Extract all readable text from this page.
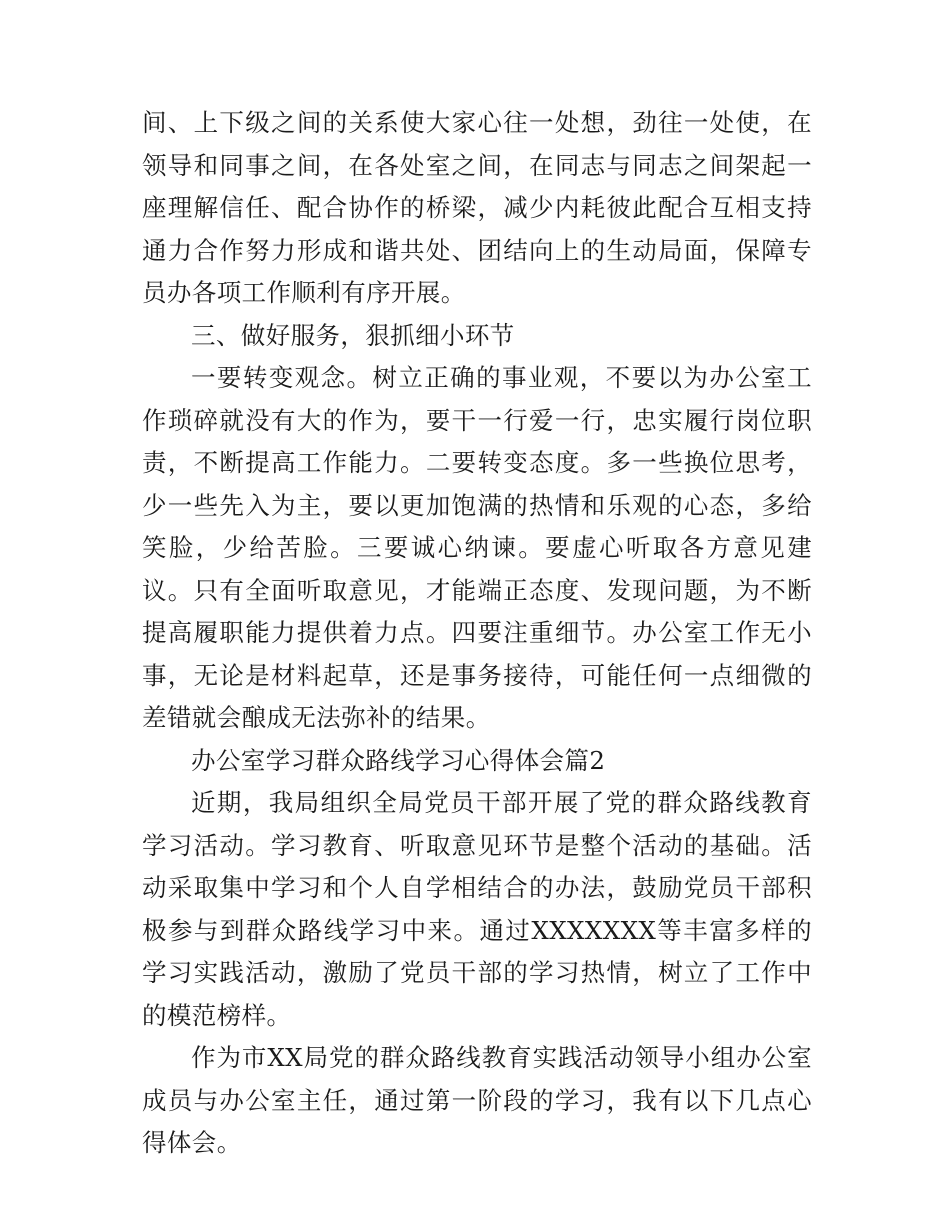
间、上下级之间的关系使大家心往一处想，劲往一处使，在领导和同事之间，在各处室之间，在同志与同志之间架起一座理解信任、配合协作的桥梁，减少内耗彼此配合互相支持通力合作努力形成和谐共处、团结向上的生动局面，保障专员办各项工作顺利有序开展。

三、做好服务，狠抓细小环节

一要转变观念。树立正确的事业观，不要以为办公室工作琐碎就没有大的作为，要干一行爱一行，忠实履行岗位职责，不断提高工作能力。二要转变态度。多一些换位思考，少一些先入为主，要以更加饱满的热情和乐观的心态，多给笑脸，少给苦脸。三要诚心纳谏。要虚心听取各方意见建议。只有全面听取意见，才能端正态度、发现问题，为不断提高履职能力提供着力点。四要注重细节。办公室工作无小事，无论是材料起草，还是事务接待，可能任何一点细微的差错就会酿成无法弥补的结果。

办公室学习群众路线学习心得体会篇2

近期，我局组织全局党员干部开展了党的群众路线教育学习活动。学习教育、听取意见环节是整个活动的基础。活动采取集中学习和个人自学相结合的办法，鼓励党员干部积极参与到群众路线学习中来。通过XXXXXXX等丰富多样的学习实践活动，激励了党员干部的学习热情，树立了工作中的模范榜样。

作为市XX局党的群众路线教育实践活动领导小组办公室成员与办公室主任，通过第一阶段的学习，我有以下几点心得体会。
